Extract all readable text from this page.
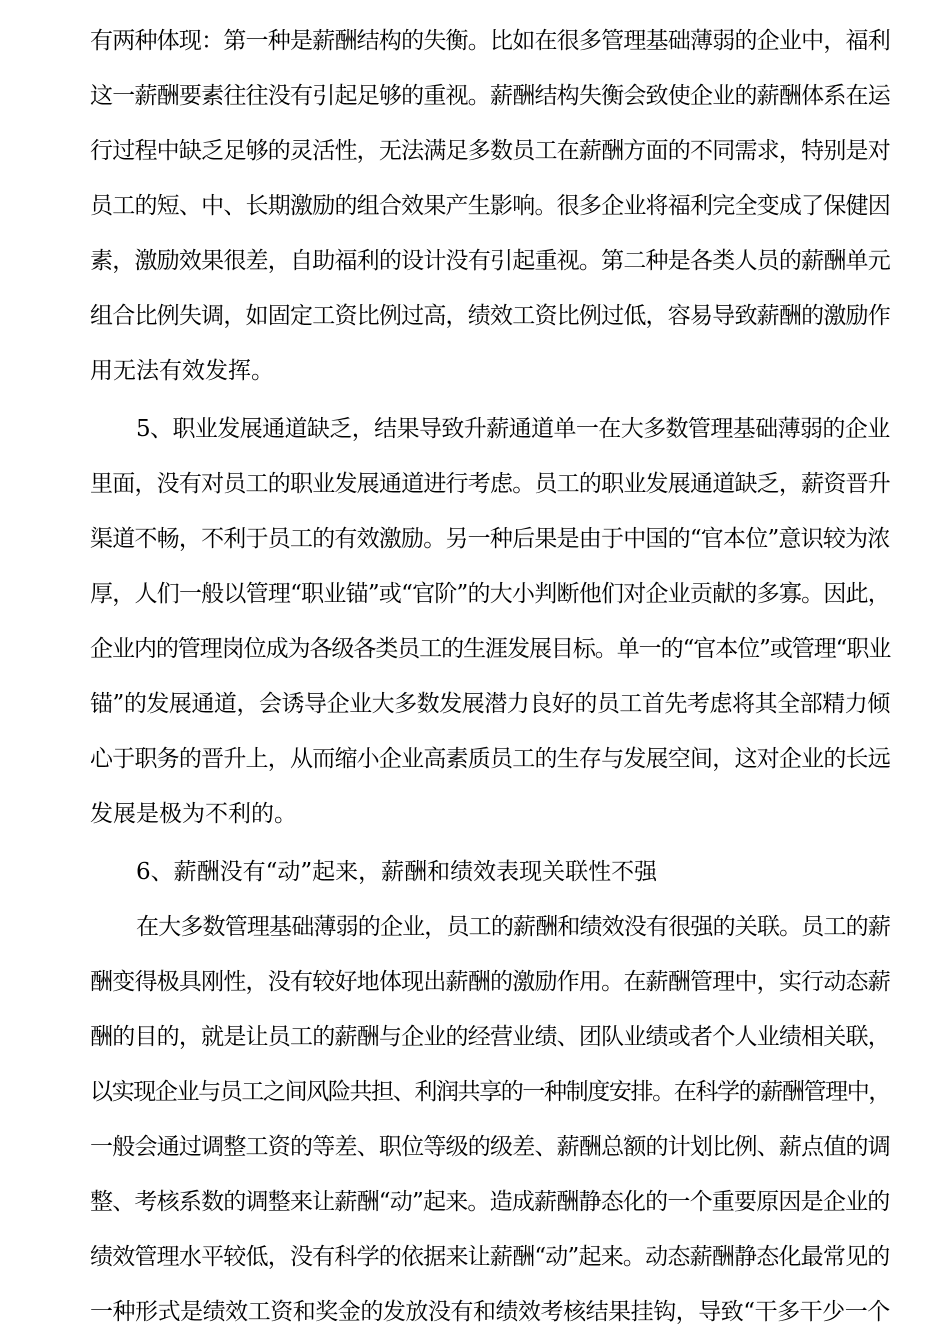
有两种体现：第一种是薪酬结构的失衡。比如在很多管理基础薄弱的企业中，福利
这一薪酬要素往往没有引起足够的重视。薪酬结构失衡会致使企业的薪酬体系在运
行过程中缺乏足够的灵活性，无法满足多数员工在薪酬方面的不同需求，特别是对
员工的短、中、长期激励的组合效果产生影响。很多企业将福利完全变成了保健因
素，激励效果很差，自助福利的设计没有引起重视。第二种是各类人员的薪酬单元
组合比例失调，如固定工资比例过高，绩效工资比例过低，容易导致薪酬的激励作
用无法有效发挥。
5、职业发展通道缺乏，结果导致升薪通道单一在大多数管理基础薄弱的企业
里面，没有对员工的职业发展通道进行考虑。员工的职业发展通道缺乏，薪资晋升
渠道不畅，不利于员工的有效激励。另一种后果是由于中国的“官本位”意识较为浓
厚，人们一般以管理“职业锚”或“官阶”的大小判断他们对企业贡献的多寡。因此，
企业内的管理岗位成为各级各类员工的生涯发展目标。单一的“官本位”或管理“职业
锚”的发展通道，会诱导企业大多数发展潜力良好的员工首先考虑将其全部精力倾
心于职务的晋升上，从而缩小企业高素质员工的生存与发展空间，这对企业的长远
发展是极为不利的。
6、薪酬没有“动”起来，薪酬和绩效表现关联性不强
在大多数管理基础薄弱的企业，员工的薪酬和绩效没有很强的关联。员工的薪
酬变得极具刚性，没有较好地体现出薪酬的激励作用。在薪酬管理中，实行动态薪
酬的目的，就是让员工的薪酬与企业的经营业绩、团队业绩或者个人业绩相关联，
以实现企业与员工之间风险共担、利润共享的一种制度安排。在科学的薪酬管理中，
一般会通过调整工资的等差、职位等级的级差、薪酬总额的计划比例、薪点值的调
整、考核系数的调整来让薪酬“动”起来。造成薪酬静态化的一个重要原因是企业的
绩效管理水平较低，没有科学的依据来让薪酬“动”起来。动态薪酬静态化最常见的
一种形式是绩效工资和奖金的发放没有和绩效考核结果挂钩，导致“干多干少一个
